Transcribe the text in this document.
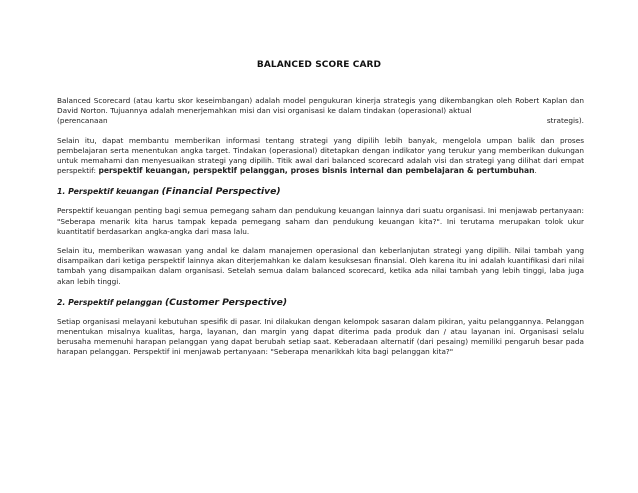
BALANCED SCORE CARD

Balanced Scorecard (atau kartu skor keseimbangan) adalah model pengukuran kinerja strategis yang dikembangkan oleh Robert Kaplan dan David Norton. Tujuannya adalah menerjemahkan misi dan visi organisasi ke dalam tindakan (operasional) aktual

(perencanaan	strategis).

Selain itu, dapat membantu memberikan informasi tentang strategi yang dipilih lebih banyak, mengelola umpan balik dan proses pembelajaran serta menentukan angka target. Tindakan (operasional) ditetapkan dengan indikator yang terukur yang memberikan dukungan untuk memahami dan menyesuaikan strategi yang dipilih. Titik awal dari balanced scorecard adalah visi dan strategi yang dilihat dari empat perspektif: perspektif keuangan, perspektif pelanggan, proses bisnis internal dan pembelajaran & pertumbuhan.

1. Perspektif keuangan (Financial Perspective)

Perspektif keuangan penting bagi semua pemegang saham dan pendukung keuangan lainnya dari suatu organisasi. Ini menjawab pertanyaan: "Seberapa menarik kita harus tampak kepada pemegang saham dan pendukung keuangan kita?". Ini terutama merupakan tolok ukur kuantitatif berdasarkan angka-angka dari masa lalu.

Selain itu, memberikan wawasan yang andal ke dalam manajemen operasional dan keberlanjutan strategi yang dipilih. Nilai tambah yang disampaikan dari ketiga perspektif lainnya akan diterjemahkan ke dalam kesuksesan finansial. Oleh karena itu ini adalah kuantifikasi dari nilai tambah yang disampaikan dalam organisasi. Setelah semua dalam balanced scorecard, ketika ada nilai tambah yang lebih tinggi, laba juga akan lebih tinggi.

2. Perspektif pelanggan (Customer Perspective)

Setiap organisasi melayani kebutuhan spesifik di pasar. Ini dilakukan dengan kelompok sasaran dalam pikiran, yaitu pelanggannya. Pelanggan menentukan misalnya kualitas, harga, layanan, dan margin yang dapat diterima pada produk dan / atau layanan ini. Organisasi selalu berusaha memenuhi harapan pelanggan yang dapat berubah setiap saat. Keberadaan alternatif (dari pesaing) memiliki pengaruh besar pada harapan pelanggan. Perspektif ini menjawab pertanyaan: "Seberapa menarikkah kita bagi pelanggan kita?"
